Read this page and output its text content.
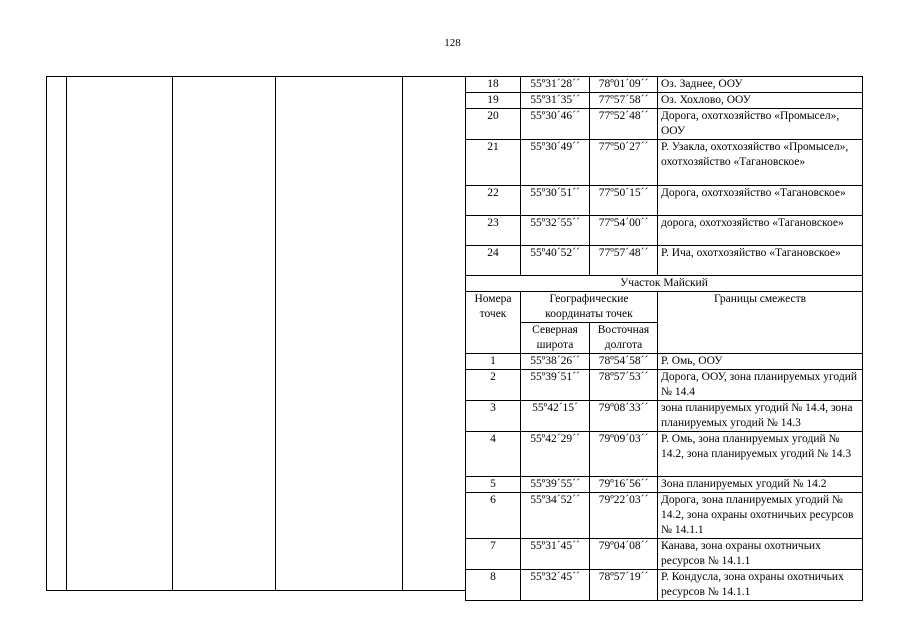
128
18	55º31´28´´	78º01´09´´	Оз. Заднее, ООУ
19	55º31´35´´	77º57´58´´	Оз. Хохлово, ООУ
20	55º30´46´´	77º52´48´´	Дорога, охотхозяйство «Промысел», ООУ
21	55º30´49´´	77º50´27´´	Р. Узакла, охотхозяйство «Промысел», охотхозяйство «Тагановское»
22	55º30´51´´	77º50´15´´	Дорога, охотхозяйство «Тагановское»
23	55º32´55´´	77º54´00´´	дорога, охотхозяйство «Тагановское»
24	55º40´52´´	77º57´48´´	Р. Ича, охотхозяйство «Тагановское»
Участок Майский			
Номера точек	Географические координаты точек		Границы смежеств
	Северная широта	Восточная долгота	
1	55º38´26´´	78º54´58´´	Р. Омь, ООУ
2	55º39´51´´	78º57´53´´	Дорога, ООУ, зона планируемых угодий № 14.4
3	55º42´15´	79º08´33´´	зона планируемых угодий № 14.4, зона планируемых угодий № 14.3
4	55º42´29´´	79º09´03´´	Р. Омь, зона планируемых угодий № 14.2, зона планируемых угодий № 14.3
5	55º39´55´´	79º16´56´´	Зона планируемых угодий № 14.2
6	55º34´52´´	79º22´03´´	Дорога, зона планируемых угодий № 14.2, зона охраны охотничьих ресурсов № 14.1.1
7	55º31´45´´	79º04´08´´	Канава, зона охраны охотничьих ресурсов № 14.1.1
8	55º32´45´´	78º57´19´´	Р. Кондусла, зона охраны охотничьих ресурсов № 14.1.1
